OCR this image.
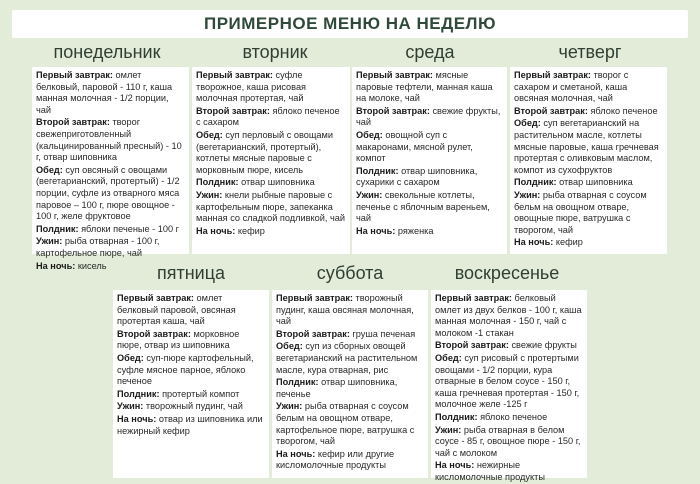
ПРИМЕРНОЕ МЕНЮ НА НЕДЕЛЮ
понедельник	вторник	среда	четверг

Первый завтрак: омлет белковый, паровой - 110 г, каша манная молочная - 1/2 порции, чай

Второй завтрак: творог свежеприготовленный (кальцинированный пресный) - 10 г, отвар шиповника

Обед: суп овсяный с овощами (вегетарианский, протертый) - 1/2 порции, суфле из отварного мяса паровое – 100 г, пюре овощное - 100 г, желе фруктовое

Полдник: яблоки печеные - 100 г

Ужин: рыба отварная - 100 г, картофельное пюре, чай

На ночь: кисель

Первый завтрак: суфле творожное, каша рисовая молочная протертая, чай

Второй завтрак: яблоко печеное с сахаром

Обед: суп перловый с овощами (вегетарианский, протертый), котлеты мясные паровые с морковным пюре, кисель

Полдник: отвар шиповника

Ужин: кнели рыбные паровые с картофельным пюре, запеканка манная со сладкой подливкой, чай

На ночь: кефир

Первый завтрак: мясные паровые тефтели, манная каша на молоке, чай

Второй завтрак: свежие фрукты, чай

Обед: овощной суп с макаронами, мясной рулет, компот

Полдник: отвар шиповника, сухарики с сахаром

Ужин: свекольные котлеты, печенье с яблочным вареньем, чай

На ночь: ряженка

Первый завтрак: творог с сахаром и сметаной, каша овсяная молочная, чай

Второй завтрак: яблоко печеное

Обед: суп вегетарианский на растительном масле, котлеты мясные паровые, каша гречневая протертая с оливковым маслом, компот из сухофруктов

Полдник: отвар шиповника

Ужин: рыба отварная с соусом бельм на овощном отваре, овощные пюре, ватрушка с творогом, чай

На ночь: кефир

пятница	суббота	воскресенье

Первый завтрак: омлет белковый паровой, овсяная протертая каша, чай

Второй завтрак: морковное пюре, отвар из шиповника

Обед: суп-пюре картофельный, суфле мясное парное, яблоко печеное

Полдник: протертый компот

Ужин: творожный пудинг, чай

На ночь: отвар из шиповника или нежирный кефир

Первый завтрак: творожный пудинг, каша овсяная молочная, чай

Второй завтрак: груша печеная

Обед: суп из сборных овощей вегетарианский на растительном масле, кура отварная, рис

Полдник: отвар шиповника, печенье

Ужин: рыба отварная с соусом белым на овощном отваре, картофельное пюре, ватрушка с творогом, чай

На ночь: кефир или другие кисломолочные продукты

Первый завтрак: белковый омлет из двух белков - 100 г, каша манная молочная - 150 г, чай с молоком -1 стакан

Второй завтрак: свежие фрукты

Обед: суп рисовый с протертыми овощами - 1/2 порции, кура отварные в белом соусе - 150 г, каша гречневая протертая - 150 г, молочное желе -125 г

Полдник: яблоко печеное

Ужин: рыба отварная в белом соусе - 85 г, овощное пюре - 150 г, чай с молоком

На ночь: нежирные кисломолочные продукты
